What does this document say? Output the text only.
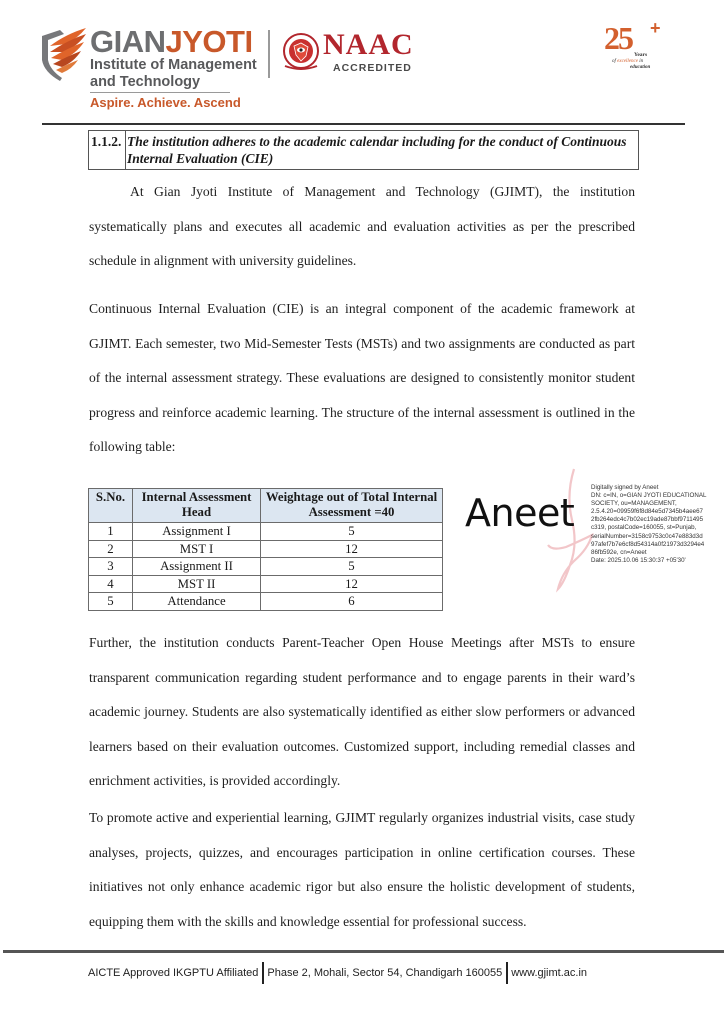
GIANJYOTI
Institute of Management
and Technology
Aspire. Achieve. Ascend
NAAC
ACCREDITED
25 +
Years
of excellence in
education
1.1.2. The institution adheres to the academic calendar including for the conduct of Continuous Internal Evaluation (CIE)

At Gian Jyoti Institute of Management and Technology (GJIMT), the institution systematically plans and executes all academic and evaluation activities as per the prescribed schedule in alignment with university guidelines.

Continuous Internal Evaluation (CIE) is an integral component of the academic framework at GJIMT. Each semester, two Mid-Semester Tests (MSTs) and two assignments are conducted as part of the internal assessment strategy. These evaluations are designed to consistently monitor student progress and reinforce academic learning. The structure of the internal assessment is outlined in the following table:

S.No.	Internal Assessment Head	Weightage out of Total Internal Assessment =40
1	Assignment I	5
2	MST I	12
3	Assignment II	5
4	MST II	12
5	Attendance	6
Aneet
Digitally signed by Aneet
DN: c=IN, o=GIAN JYOTI EDUCATIONAL
SOCIETY, ou=MANAGEMENT,
2.5.4.20=09959f6f8d84e5d7345b4aee67
2fb264edc4c7b02ec19ade87bbf9711495
c319, postalCode=160055, st=Punjab,
serialNumber=3158c9753c0c47e883d3d
97afef7b7e6cf8d54314a0f21973d3294e4
86fb592e, cn=Aneet
Date: 2025.10.06 15:30:37 +05'30'

Further, the institution conducts Parent-Teacher Open House Meetings after MSTs to ensure transparent communication regarding student performance and to engage parents in their ward’s academic journey. Students are also systematically identified as either slow performers or advanced learners based on their evaluation outcomes. Customized support, including remedial classes and enrichment activities, is provided accordingly.

To promote active and experiential learning, GJIMT regularly organizes industrial visits, case study analyses, projects, quizzes, and encourages participation in online certification courses. These initiatives not only enhance academic rigor but also ensure the holistic development of students, equipping them with the skills and knowledge essential for professional success.

AICTE Approved IKGPTU Affiliated Phase 2, Mohali, Sector 54, Chandigarh 160055 www.gjimt.ac.in
